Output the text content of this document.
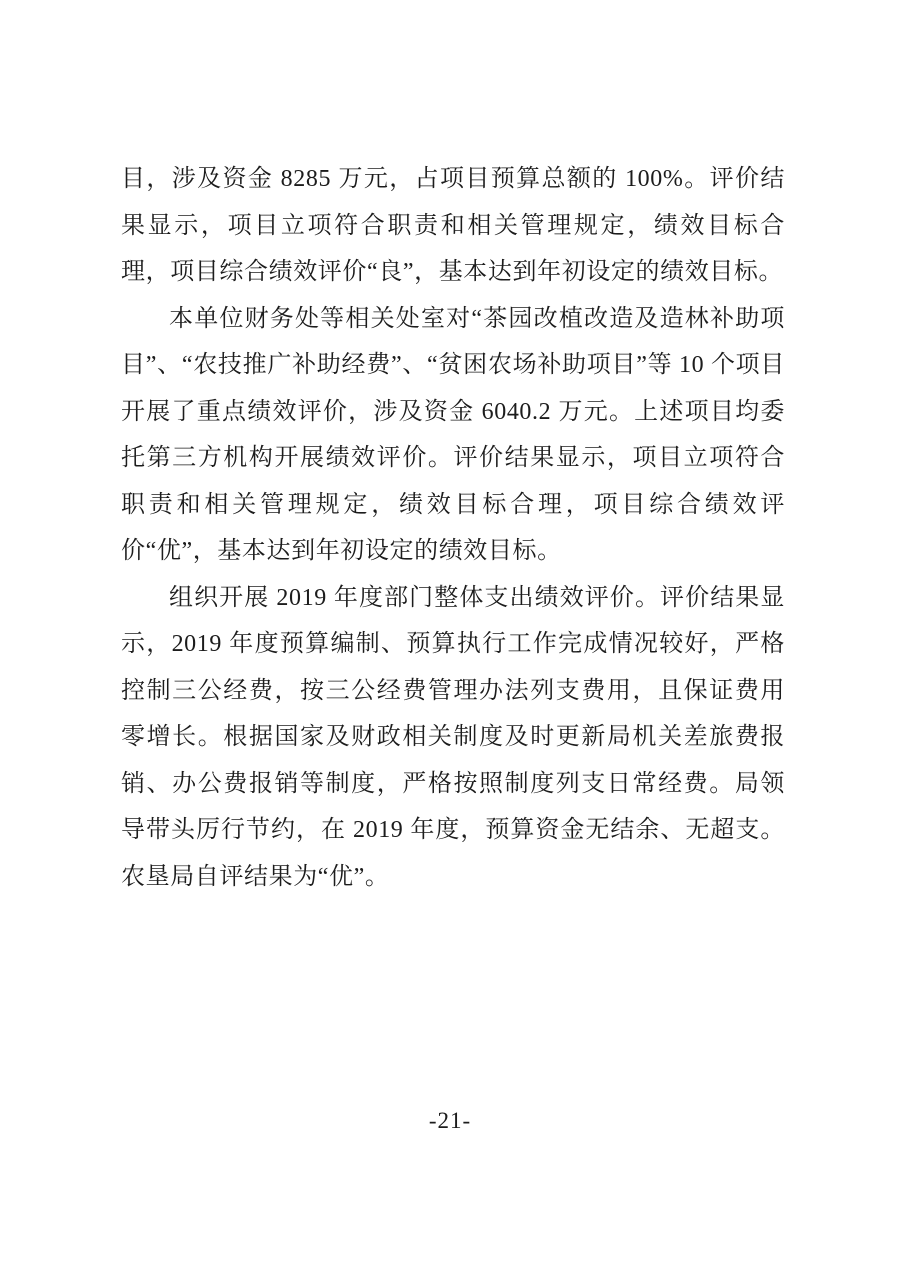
目，涉及资金 8285 万元，占项目预算总额的 100%。评价结果显示，项目立项符合职责和相关管理规定，绩效目标合理，项目综合绩效评价“良”，基本达到年初设定的绩效目标。

本单位财务处等相关处室对“茶园改植改造及造林补助项目”、“农技推广补助经费”、“贫困农场补助项目”等 10 个项目开展了重点绩效评价，涉及资金 6040.2 万元。上述项目均委托第三方机构开展绩效评价。评价结果显示，项目立项符合职责和相关管理规定，绩效目标合理，项目综合绩效评价“优”，基本达到年初设定的绩效目标。

组织开展 2019 年度部门整体支出绩效评价。评价结果显示，2019 年度预算编制、预算执行工作完成情况较好，严格控制三公经费，按三公经费管理办法列支费用，且保证费用零增长。根据国家及财政相关制度及时更新局机关差旅费报销、办公费报销等制度，严格按照制度列支日常经费。局领导带头厉行节约，在 2019 年度，预算资金无结余、无超支。农垦局自评结果为“优”。

-21-
